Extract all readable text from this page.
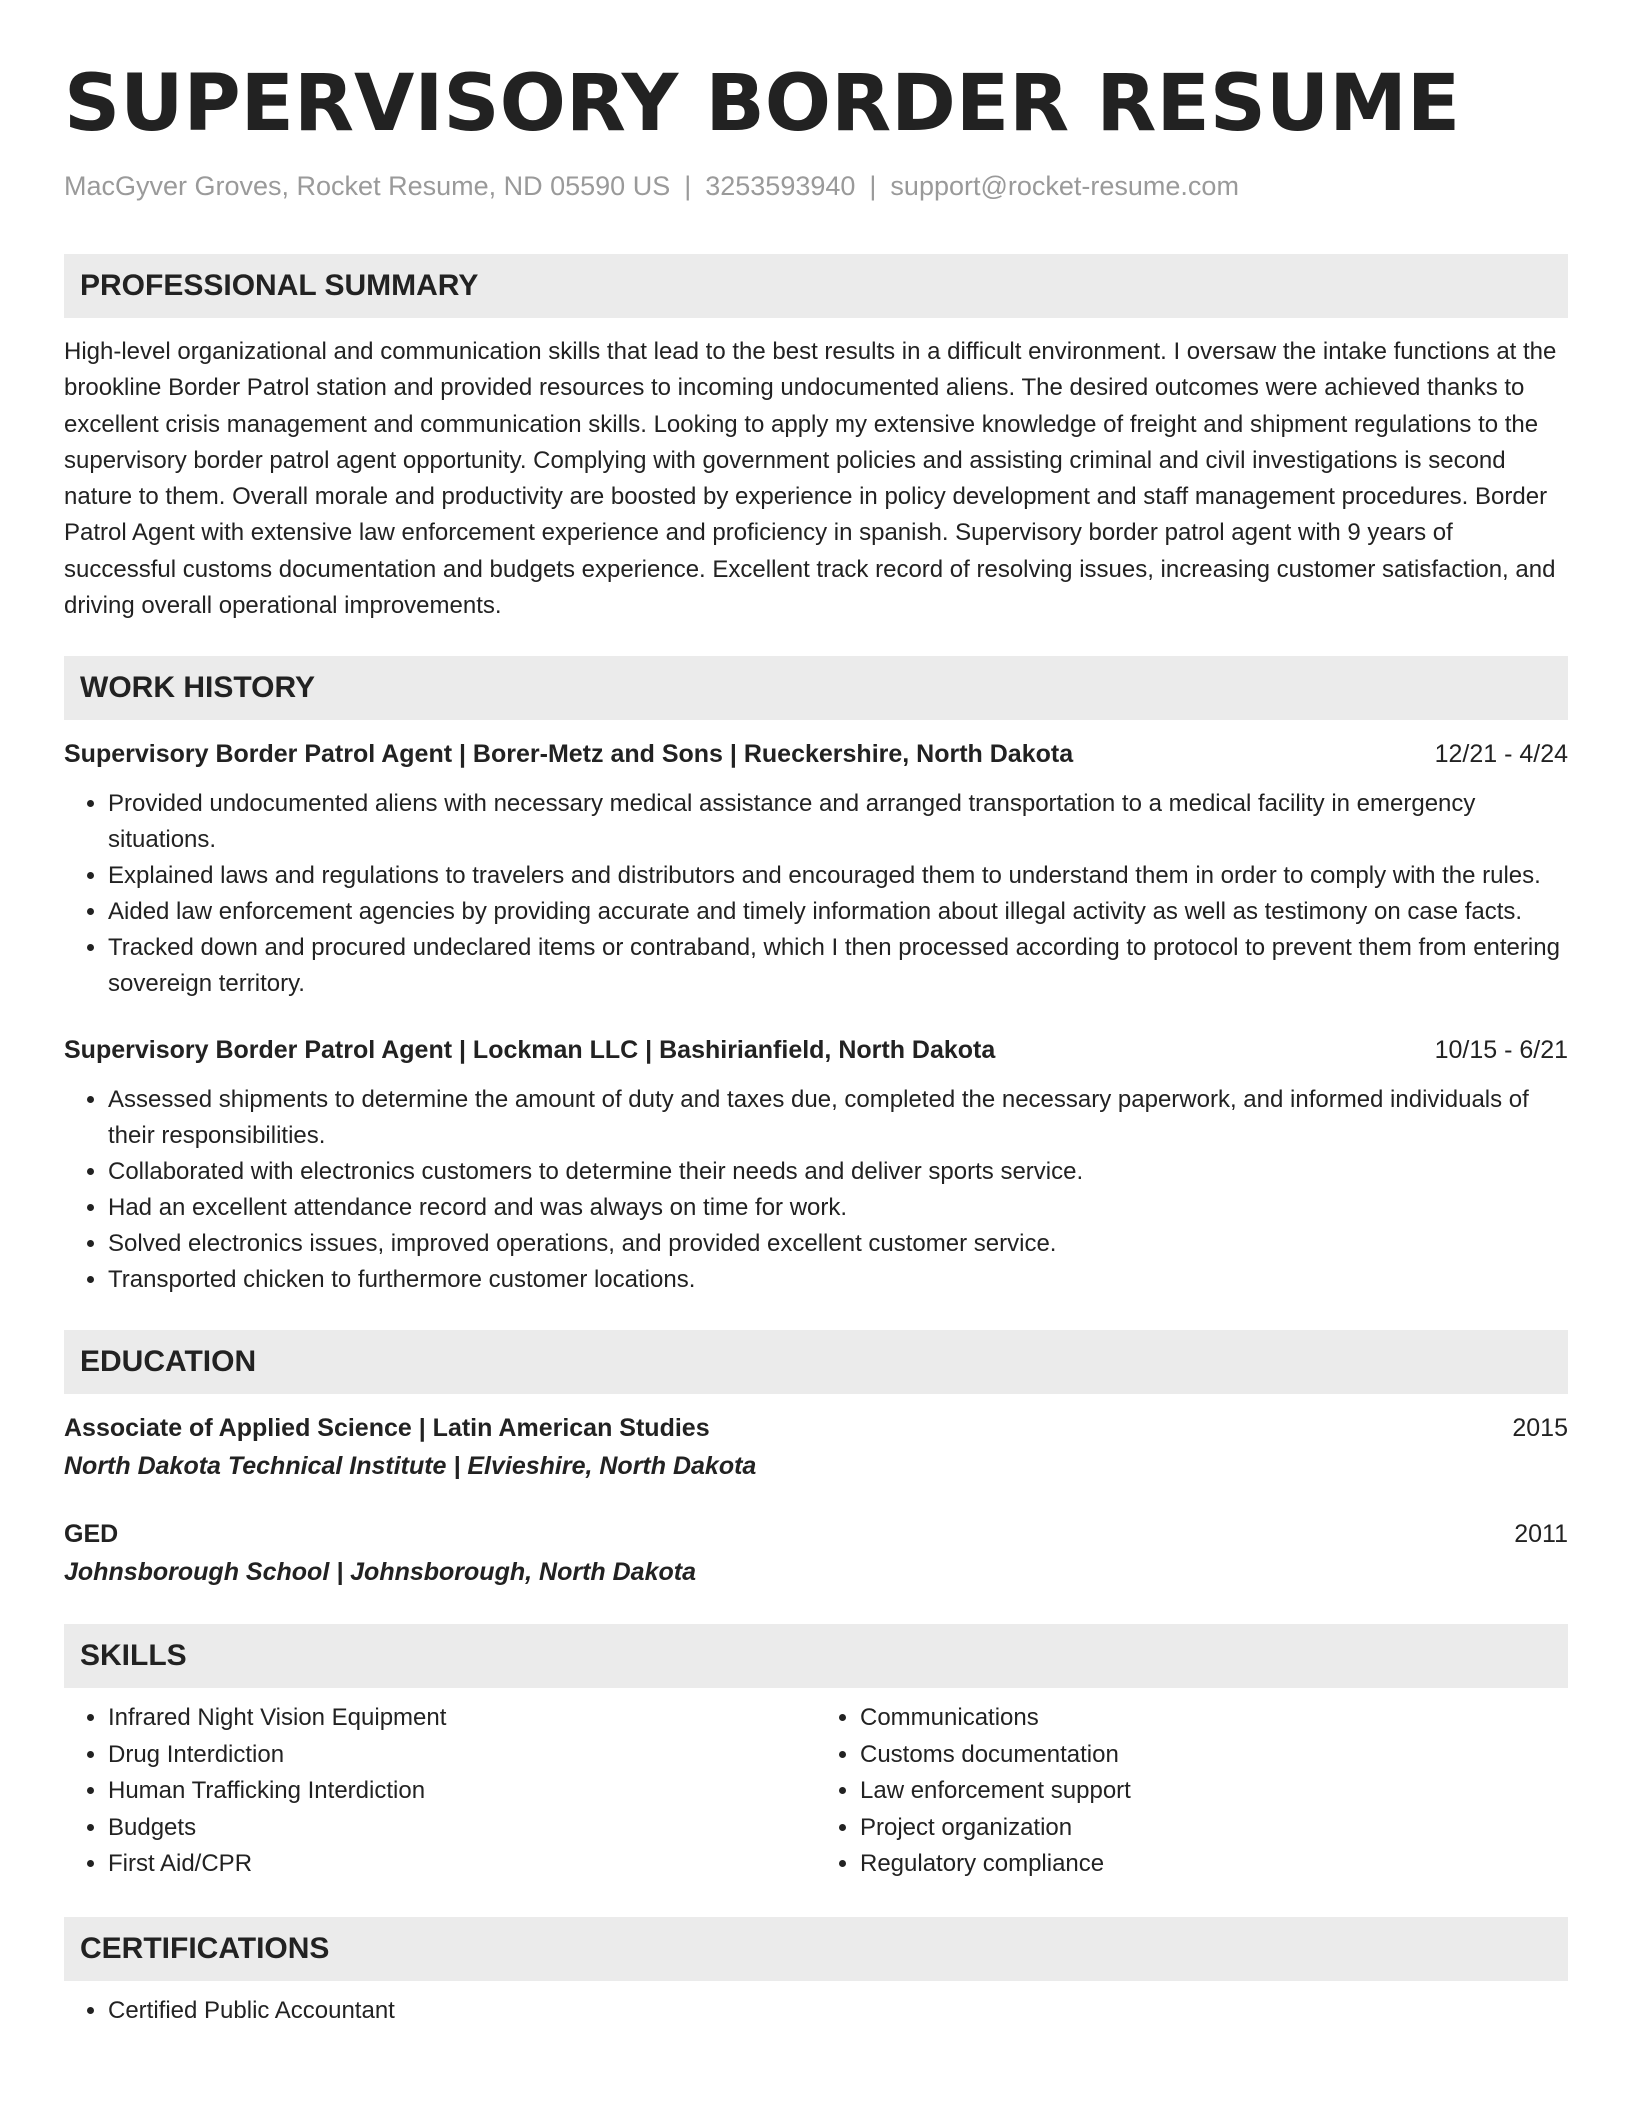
SUPERVISORY BORDER RESUME
MacGyver Groves, Rocket Resume, ND 05590 US | 3253593940 | support@rocket-resume.com
PROFESSIONAL SUMMARY
High-level organizational and communication skills that lead to the best results in a difficult environment. I oversaw the intake functions at the brookline Border Patrol station and provided resources to incoming undocumented aliens. The desired outcomes were achieved thanks to excellent crisis management and communication skills. Looking to apply my extensive knowledge of freight and shipment regulations to the supervisory border patrol agent opportunity. Complying with government policies and assisting criminal and civil investigations is second nature to them. Overall morale and productivity are boosted by experience in policy development and staff management procedures. Border Patrol Agent with extensive law enforcement experience and proficiency in spanish. Supervisory border patrol agent with 9 years of successful customs documentation and budgets experience. Excellent track record of resolving issues, increasing customer satisfaction, and driving overall operational improvements.
WORK HISTORY
Supervisory Border Patrol Agent | Borer-Metz and Sons | Rueckershire, North Dakota	12/21 - 4/24
• Provided undocumented aliens with necessary medical assistance and arranged transportation to a medical facility in emergency situations.
• Explained laws and regulations to travelers and distributors and encouraged them to understand them in order to comply with the rules.
• Aided law enforcement agencies by providing accurate and timely information about illegal activity as well as testimony on case facts.
• Tracked down and procured undeclared items or contraband, which I then processed according to protocol to prevent them from entering sovereign territory.
Supervisory Border Patrol Agent | Lockman LLC | Bashirianfield, North Dakota	10/15 - 6/21
• Assessed shipments to determine the amount of duty and taxes due, completed the necessary paperwork, and informed individuals of their responsibilities.
• Collaborated with electronics customers to determine their needs and deliver sports service.
• Had an excellent attendance record and was always on time for work.
• Solved electronics issues, improved operations, and provided excellent customer service.
• Transported chicken to furthermore customer locations.
EDUCATION
Associate of Applied Science | Latin American Studies	2015
North Dakota Technical Institute | Elvieshire, North Dakota
GED	2011
Johnsborough School | Johnsborough, North Dakota
SKILLS
• Infrared Night Vision Equipment
• Drug Interdiction
• Human Trafficking Interdiction
• Budgets
• First Aid/CPR
• Communications
• Customs documentation
• Law enforcement support
• Project organization
• Regulatory compliance
CERTIFICATIONS
• Certified Public Accountant
